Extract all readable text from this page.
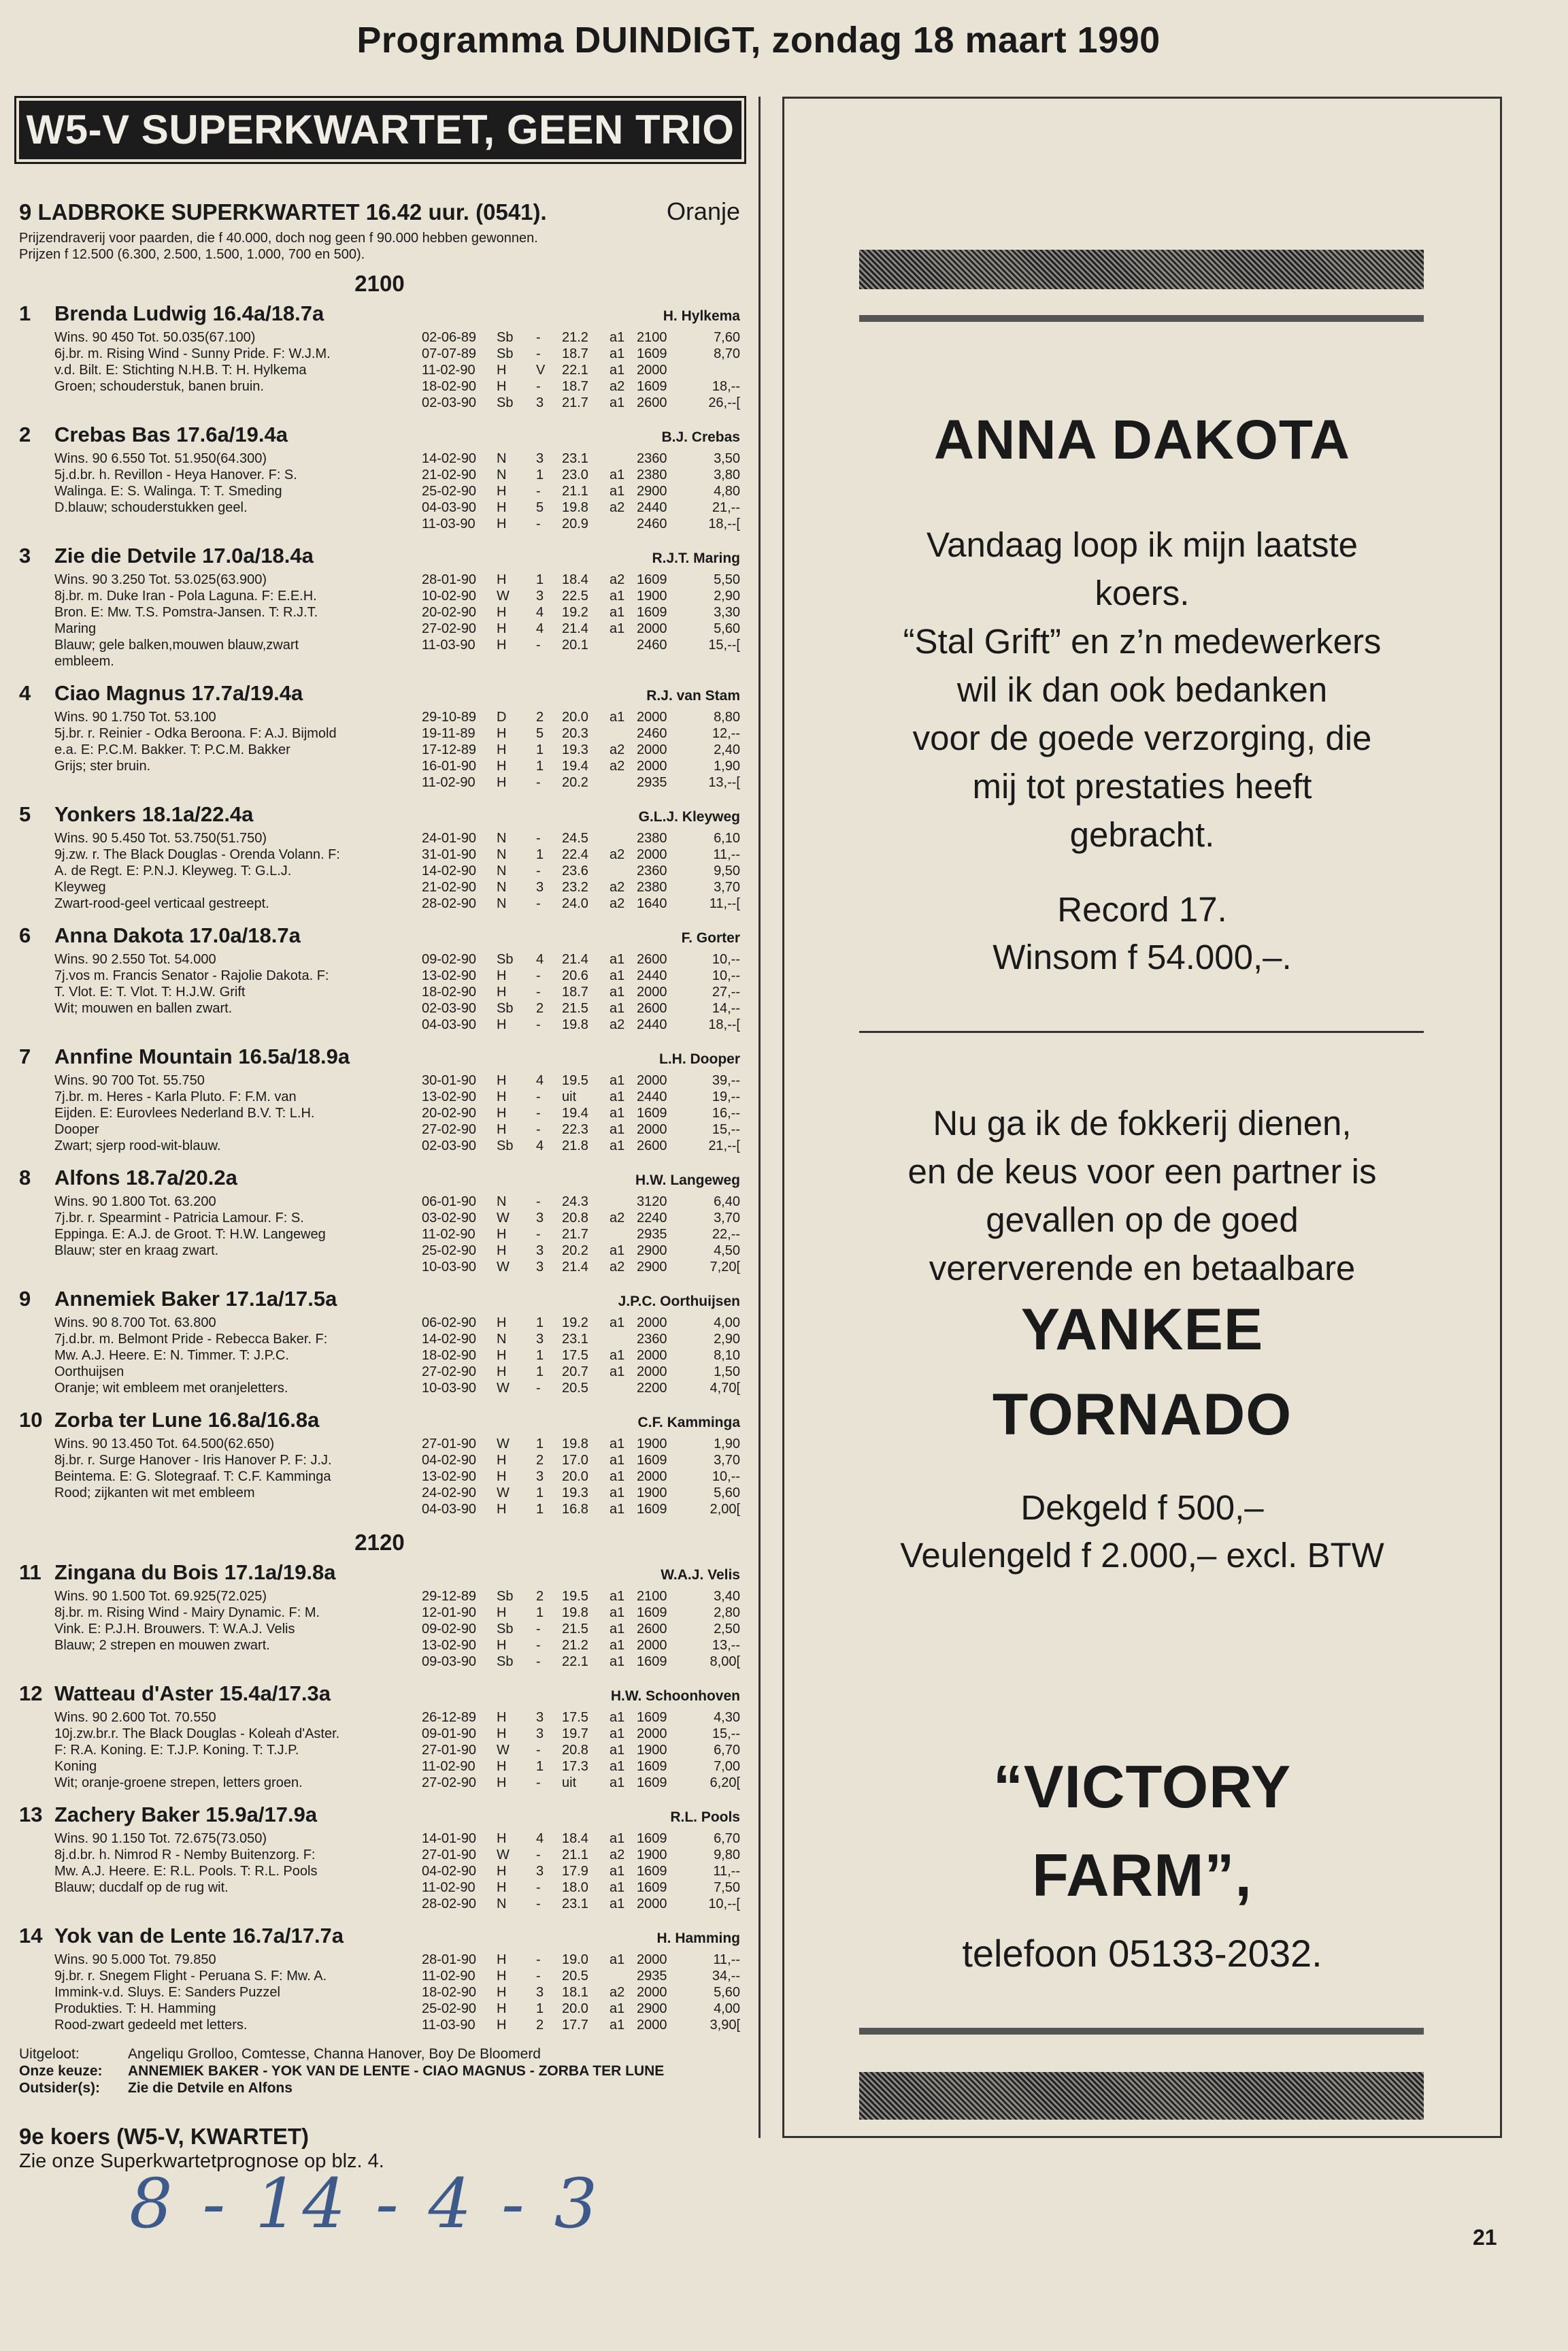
Programma DUINDIGT, zondag 18 maart 1990
W5-V SUPERKWARTET, GEEN TRIO
9 LADBROKE SUPERKWARTET 16.42 uur. (0541).	Oranje
Prijzendraverij voor paarden, die f 40.000, doch nog geen f 90.000 hebben gewonnen.
Prijzen f 12.500 (6.300, 2.500, 1.500, 1.000, 700 en 500).
2100
1 Brenda Ludwig 16.4a/18.7a	H. Hylkema
Wins. 90 450 Tot. 50.035(67.100)
6j.br. m. Rising Wind - Sunny Pride. F: W.J.M.
v.d. Bilt. E: Stichting N.H.B. T: H. Hylkema
Groen; schouderstuk, banen bruin.
02-06-89	Sb	-	21.2	a1 2100	7,60
07-07-89	Sb	-	18.7	a1 1609	8,70
11-02-90	H	V	22.1	a1 2000
18-02-90	H	-	18.7	a2 1609	18,--
02-03-90	Sb	3	21.7	a1 2600	26,--[
2 Crebas Bas 17.6a/19.4a	B.J. Crebas
Wins. 90 6.550 Tot. 51.950(64.300)
5j.d.br. h. Revillon - Heya Hanover. F: S.
Walinga. E: S. Walinga. T: T. Smeding
D.blauw; schouderstukken geel.
14-02-90	N	3	23.1	2360	3,50
21-02-90	N	1	23.0	a1 2380	3,80
25-02-90	H	-	21.1	a1 2900	4,80
04-03-90	H	5	19.8	a2 2440	21,--
11-03-90	H	-	20.9	2460	18,--[
3 Zie die Detvile 17.0a/18.4a	R.J.T. Maring
Wins. 90 3.250 Tot. 53.025(63.900)
8j.br. m. Duke Iran - Pola Laguna. F: E.E.H.
Bron. E: Mw. T.S. Pomstra-Jansen. T: R.J.T.
Maring
Blauw; gele balken,mouwen blauw,zwart
embleem.
28-01-90	H	1	18.4	a2 1609	5,50
10-02-90	W	3	22.5	a1 1900	2,90
20-02-90	H	4	19.2	a1 1609	3,30
27-02-90	H	4	21.4	a1 2000	5,60
11-03-90	H	-	20.1	2460	15,--[
4 Ciao Magnus 17.7a/19.4a	R.J. van Stam
Wins. 90 1.750 Tot. 53.100
5j.br. r. Reinier - Odka Beroona. F: A.J. Bijmold
e.a. E: P.C.M. Bakker. T: P.C.M. Bakker
Grijs; ster bruin.
29-10-89	D	2	20.0	a1 2000	8,80
19-11-89	H	5	20.3	2460	12,--
17-12-89	H	1	19.3	a2 2000	2,40
16-01-90	H	1	19.4	a2 2000	1,90
11-02-90	H	-	20.2	2935	13,--[
5 Yonkers 18.1a/22.4a	G.L.J. Kleyweg
Wins. 90 5.450 Tot. 53.750(51.750)
9j.zw. r. The Black Douglas - Orenda Volann. F:
A. de Regt. E: P.N.J. Kleyweg. T: G.L.J.
Kleyweg
Zwart-rood-geel verticaal gestreept.
24-01-90	N	-	24.5	2380	6,10
31-01-90	N	1	22.4	a2 2000	11,--
14-02-90	N	-	23.6	2360	9,50
21-02-90	N	3	23.2	a2 2380	3,70
28-02-90	N	-	24.0	a2 1640	11,--[
6 Anna Dakota 17.0a/18.7a	F. Gorter
Wins. 90 2.550 Tot. 54.000
7j.vos m. Francis Senator - Rajolie Dakota. F:
T. Vlot. E: T. Vlot. T: H.J.W. Grift
Wit; mouwen en ballen zwart.
09-02-90	Sb	4	21.4	a1 2600	10,--
13-02-90	H	-	20.6	a1 2440	10,--
18-02-90	H	-	18.7	a1 2000	27,--
02-03-90	Sb	2	21.5	a1 2600	14,--
04-03-90	H	-	19.8	a2 2440	18,--[
7 Annfine Mountain 16.5a/18.9a	L.H. Dooper
Wins. 90 700 Tot. 55.750
7j.br. m. Heres - Karla Pluto. F: F.M. van
Eijden. E: Eurovlees Nederland B.V. T: L.H.
Dooper
Zwart; sjerp rood-wit-blauw.
30-01-90	H	4	19.5	a1 2000	39,--
13-02-90	H	-	uit	a1 2440	19,--
20-02-90	H	-	19.4	a1 1609	16,--
27-02-90	H	-	22.3	a1 2000	15,--
02-03-90	Sb	4	21.8	a1 2600	21,--[
8 Alfons 18.7a/20.2a	H.W. Langeweg
Wins. 90 1.800 Tot. 63.200
7j.br. r. Spearmint - Patricia Lamour. F: S.
Eppinga. E: A.J. de Groot. T: H.W. Langeweg
Blauw; ster en kraag zwart.
06-01-90	N	-	24.3	3120	6,40
03-02-90	W	3	20.8	a2 2240	3,70
11-02-90	H	-	21.7	2935	22,--
25-02-90	H	3	20.2	a1 2900	4,50
10-03-90	W	3	21.4	a2 2900	7,20[
9 Annemiek Baker 17.1a/17.5a	J.P.C. Oorthuijsen
Wins. 90 8.700 Tot. 63.800
7j.d.br. m. Belmont Pride - Rebecca Baker. F:
Mw. A.J. Heere. E: N. Timmer. T: J.P.C.
Oorthuijsen
Oranje; wit embleem met oranjeletters.
06-02-90	H	1	19.2	a1 2000	4,00
14-02-90	N	3	23.1	2360	2,90
18-02-90	H	1	17.5	a1 2000	8,10
27-02-90	H	1	20.7	a1 2000	1,50
10-03-90	W	-	20.5	2200	4,70[
10 Zorba ter Lune 16.8a/16.8a	C.F. Kamminga
Wins. 90 13.450 Tot. 64.500(62.650)
8j.br. r. Surge Hanover - Iris Hanover P. F: J.J.
Beintema. E: G. Slotegraaf. T: C.F. Kamminga
Rood; zijkanten wit met embleem
27-01-90	W	1	19.8	a1 1900	1,90
04-02-90	H	2	17.0	a1 1609	3,70
13-02-90	H	3	20.0	a1 2000	10,--
24-02-90	W	1	19.3	a1 1900	5,60
04-03-90	H	1	16.8	a1 1609	2,00[
2120
11 Zingana du Bois 17.1a/19.8a	W.A.J. Velis
Wins. 90 1.500 Tot. 69.925(72.025)
8j.br. m. Rising Wind - Mairy Dynamic. F: M.
Vink. E: P.J.H. Brouwers. T: W.A.J. Velis
Blauw; 2 strepen en mouwen zwart.
29-12-89	Sb	2	19.5	a1 2100	3,40
12-01-90	H	1	19.8	a1 1609	2,80
09-02-90	Sb	-	21.5	a1 2600	2,50
13-02-90	H	-	21.2	a1 2000	13,--
09-03-90	Sb	-	22.1	a1 1609	8,00[
12 Watteau d'Aster 15.4a/17.3a	H.W. Schoonhoven
Wins. 90 2.600 Tot. 70.550
10j.zw.br.r. The Black Douglas - Koleah d'Aster.
F: R.A. Koning. E: T.J.P. Koning. T: T.J.P.
Koning
Wit; oranje-groene strepen, letters groen.
26-12-89	H	3	17.5	a1 1609	4,30
09-01-90	H	3	19.7	a1 2000	15,--
27-01-90	W	-	20.8	a1 1900	6,70
11-02-90	H	1	17.3	a1 1609	7,00
27-02-90	H	-	uit	a1 1609	6,20[
13 Zachery Baker 15.9a/17.9a	R.L. Pools
Wins. 90 1.150 Tot. 72.675(73.050)
8j.d.br. h. Nimrod R - Nemby Buitenzorg. F:
Mw. A.J. Heere. E: R.L. Pools. T: R.L. Pools
Blauw; ducdalf op de rug wit.
14-01-90	H	4	18.4	a1 1609	6,70
27-01-90	W	-	21.1	a2 1900	9,80
04-02-90	H	3	17.9	a1 1609	11,--
11-02-90	H	-	18.0	a1 1609	7,50
28-02-90	N	-	23.1	a1 2000	10,--[
14 Yok van de Lente 16.7a/17.7a	H. Hamming
Wins. 90 5.000 Tot. 79.850
9j.br. r. Snegem Flight - Peruana S. F: Mw. A.
Immink-v.d. Sluys. E: Sanders Puzzel
Produkties. T: H. Hamming
Rood-zwart gedeeld met letters.
28-01-90	H	-	19.0	a1 2000	11,--
11-02-90	H	-	20.5	2935	34,--
18-02-90	H	3	18.1	a2 2000	5,60
25-02-90	H	1	20.0	a1 2900	4,00
11-03-90	H	2	17.7	a1 2000	3,90[
Uitgeloot:	Angeliqu Grolloo, Comtesse, Channa Hanover, Boy De Bloomerd
Onze keuze:	ANNEMIEK BAKER - YOK VAN DE LENTE - CIAO MAGNUS - ZORBA TER LUNE
Outsider(s):	Zie die Detvile en Alfons
9e koers (W5-V, KWARTET)
Zie onze Superkwartetprognose op blz. 4.
8 - 14 - 4 - 3	21
ANNA DAKOTA
Vandaag loop ik mijn laatste
koers.
“Stal Grift” en z’n medewerkers
wil ik dan ook bedanken
voor de goede verzorging, die
mij tot prestaties heeft
gebracht.
Record 17.
Winsom f 54.000,–.
Nu ga ik de fokkerij dienen,
en de keus voor een partner is
gevallen op de goed
vererverende en betaalbare
YANKEE
TORNADO
Dekgeld f 500,–
Veulengeld f 2.000,– excl. BTW
“VICTORY
FARM”,
telefoon 05133-2032.
